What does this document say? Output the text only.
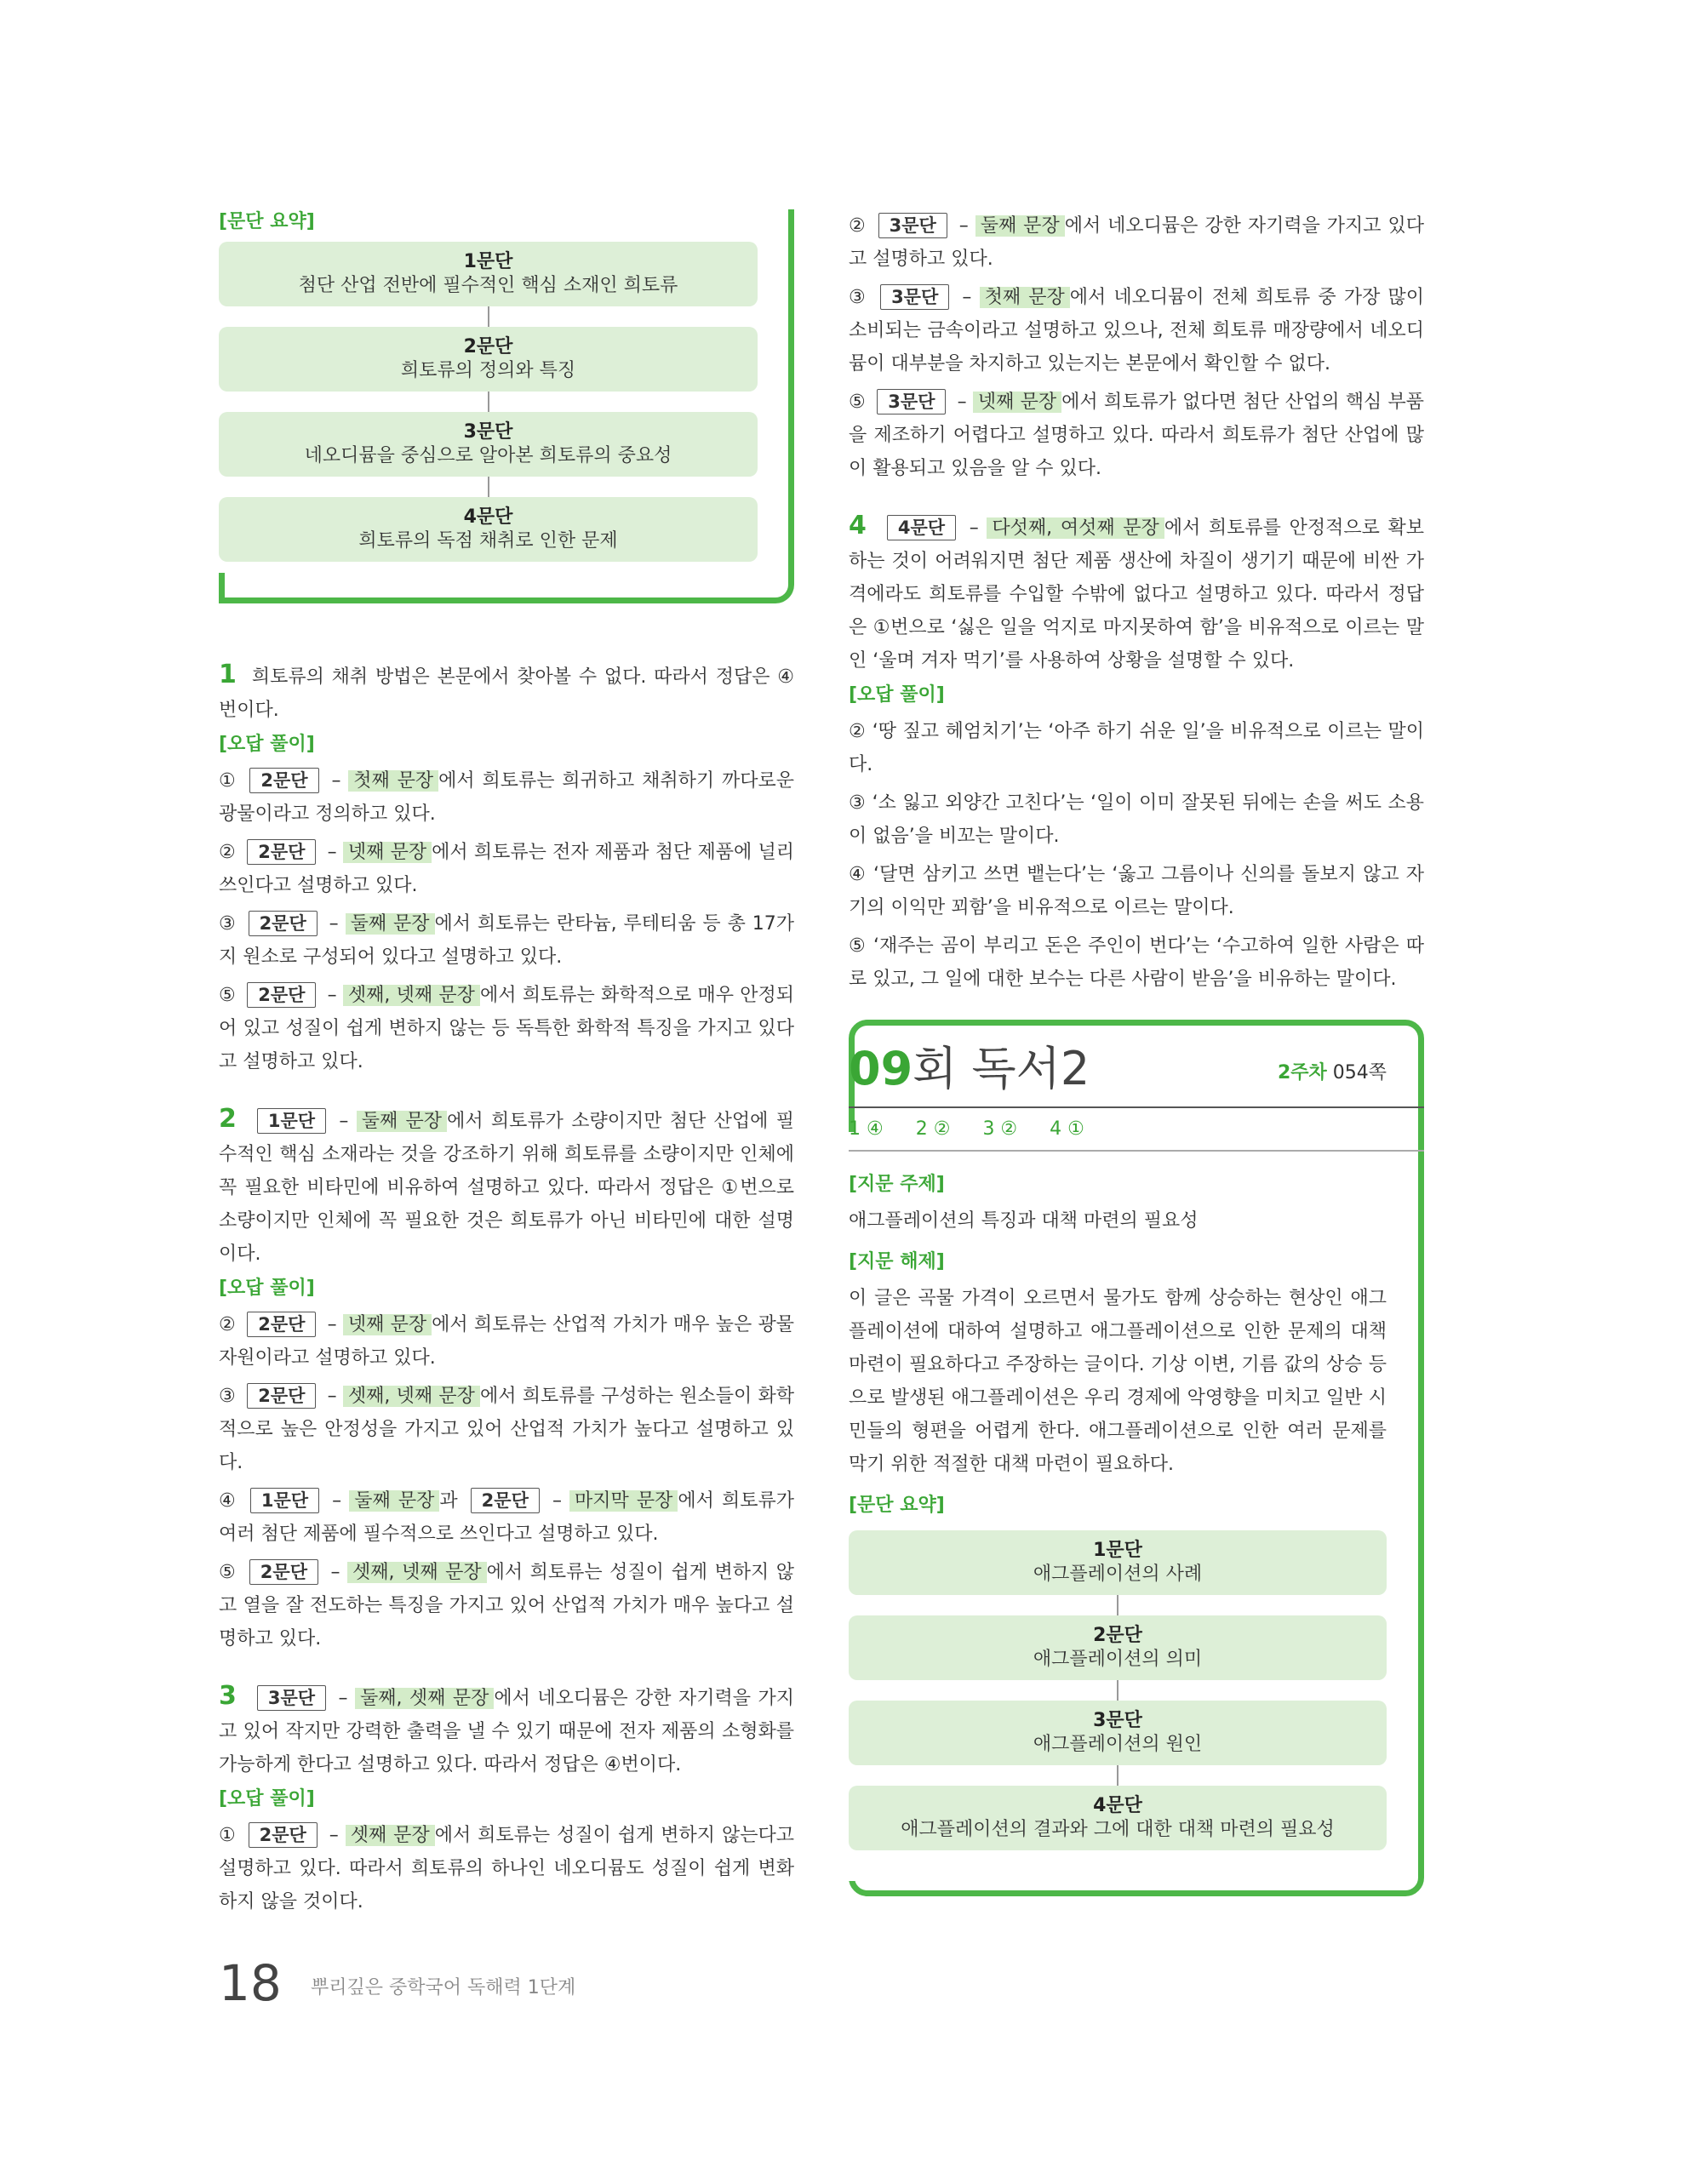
[문단 요약]
1문단
첨단 산업 전반에 필수적인 핵심 소재인 희토류
2문단
희토류의 정의와 특징
3문단
네오디뮴을 중심으로 알아본 희토류의 중요성
4문단
희토류의 독점 채취로 인한 문제

1 희토류의 채취 방법은 본문에서 찾아볼 수 없다. 따라서 정답은 ④번이다.

[오답 풀이]

① 2문단 – 첫째 문장 에서 희토류는 희귀하고 채취하기 까다로운 광물이라고 정의하고 있다.

② 2문단 – 넷째 문장 에서 희토류는 전자 제품과 첨단 제품에 널리 쓰인다고 설명하고 있다.

③ 2문단 – 둘째 문장 에서 희토류는 란타늄, 루테티움 등 총 17가지 원소로 구성되어 있다고 설명하고 있다.

⑤ 2문단 – 셋째, 넷째 문장 에서 희토류는 화학적으로 매우 안정되어 있고 성질이 쉽게 변하지 않는 등 독특한 화학적 특징을 가지고 있다고 설명하고 있다.

2 1문단 – 둘째 문장 에서 희토류가 소량이지만 첨단 산업에 필수적인 핵심 소재라는 것을 강조하기 위해 희토류를 소량이지만 인체에 꼭 필요한 비타민에 비유하여 설명하고 있다. 따라서 정답은 ①번으로 소량이지만 인체에 꼭 필요한 것은 희토류가 아닌 비타민에 대한 설명이다.

[오답 풀이]

② 2문단 – 넷째 문장 에서 희토류는 산업적 가치가 매우 높은 광물 자원이라고 설명하고 있다.

③ 2문단 – 셋째, 넷째 문장 에서 희토류를 구성하는 원소들이 화학적으로 높은 안정성을 가지고 있어 산업적 가치가 높다고 설명하고 있다.

④ 1문단 – 둘째 문장 과 2문단 – 마지막 문장 에서 희토류가 여러 첨단 제품에 필수적으로 쓰인다고 설명하고 있다.

⑤ 2문단 – 셋째, 넷째 문장 에서 희토류는 성질이 쉽게 변하지 않고 열을 잘 전도하는 특징을 가지고 있어 산업적 가치가 매우 높다고 설명하고 있다.

3 3문단 – 둘째, 셋째 문장 에서 네오디뮴은 강한 자기력을 가지고 있어 작지만 강력한 출력을 낼 수 있기 때문에 전자 제품의 소형화를 가능하게 한다고 설명하고 있다. 따라서 정답은 ④번이다.

[오답 풀이]

① 2문단 – 셋째 문장 에서 희토류는 성질이 쉽게 변하지 않는다고 설명하고 있다. 따라서 희토류의 하나인 네오디뮴도 성질이 쉽게 변화하지 않을 것이다.

② 3문단 – 둘째 문장 에서 네오디뮴은 강한 자기력을 가지고 있다고 설명하고 있다.

③ 3문단 – 첫째 문장 에서 네오디뮴이 전체 희토류 중 가장 많이 소비되는 금속이라고 설명하고 있으나, 전체 희토류 매장량에서 네오디뮴이 대부분을 차지하고 있는지는 본문에서 확인할 수 없다.

⑤ 3문단 – 넷째 문장 에서 희토류가 없다면 첨단 산업의 핵심 부품을 제조하기 어렵다고 설명하고 있다. 따라서 희토류가 첨단 산업에 많이 활용되고 있음을 알 수 있다.

4 4문단 – 다섯째, 여섯째 문장 에서 희토류를 안정적으로 확보하는 것이 어려워지면 첨단 제품 생산에 차질이 생기기 때문에 비싼 가격에라도 희토류를 수입할 수밖에 없다고 설명하고 있다. 따라서 정답은 ①번으로 ‘싫은 일을 억지로 마지못하여 함’을 비유적으로 이르는 말인 ‘울며 겨자 먹기’를 사용하여 상황을 설명할 수 있다.

[오답 풀이]

② ‘땅 짚고 헤엄치기’는 ‘아주 하기 쉬운 일’을 비유적으로 이르는 말이다.

③ ‘소 잃고 외양간 고친다’는 ‘일이 이미 잘못된 뒤에는 손을 써도 소용이 없음’을 비꼬는 말이다.

④ ‘달면 삼키고 쓰면 뱉는다’는 ‘옳고 그름이나 신의를 돌보지 않고 자기의 이익만 꾀함’을 비유적으로 이르는 말이다.

⑤ ‘재주는 곰이 부리고 돈은 주인이 번다’는 ‘수고하여 일한 사람은 따로 있고, 그 일에 대한 보수는 다른 사람이 받음’을 비유하는 말이다.

09회 독서2	2주차 054쪽
1 ④ 2 ② 3 ② 4 ①
[지문 주제]

애그플레이션의 특징과 대책 마련의 필요성

[지문 해제]

이 글은 곡물 가격이 오르면서 물가도 함께 상승하는 현상인 애그플레이션에 대하여 설명하고 애그플레이션으로 인한 문제의 대책 마련이 필요하다고 주장하는 글이다. 기상 이변, 기름 값의 상승 등으로 발생된 애그플레이션은 우리 경제에 악영향을 미치고 일반 시민들의 형편을 어렵게 한다. 애그플레이션으로 인한 여러 문제를 막기 위한 적절한 대책 마련이 필요하다.

[문단 요약]
1문단
애그플레이션의 사례
2문단
애그플레이션의 의미
3문단
애그플레이션의 원인
4문단
애그플레이션의 결과와 그에 대한 대책 마련의 필요성
18 뿌리깊은 중학국어 독해력 1단계
